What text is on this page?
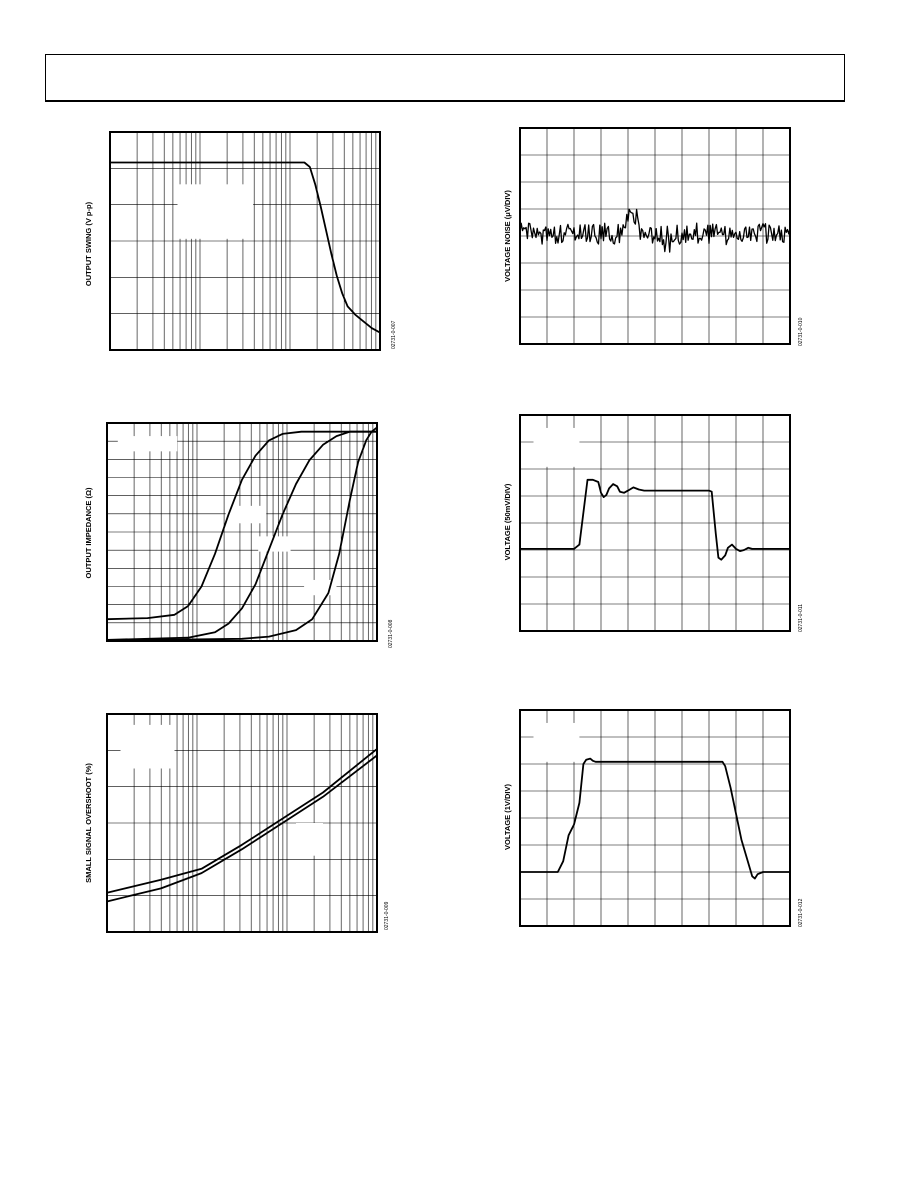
OUTPUT SWING (V p-p)
02731-0-007
OUTPUT IMPEDANCE (Ω)
02731-0-008
SMALL SIGNAL OVERSHOOT (%)
02731-0-009
VOLTAGE NOISE (μV/DIV)
02731-0-010
VOLTAGE (50mV/DIV)
02731-0-011
VOLTAGE (1V/DIV)
02731-0-012
